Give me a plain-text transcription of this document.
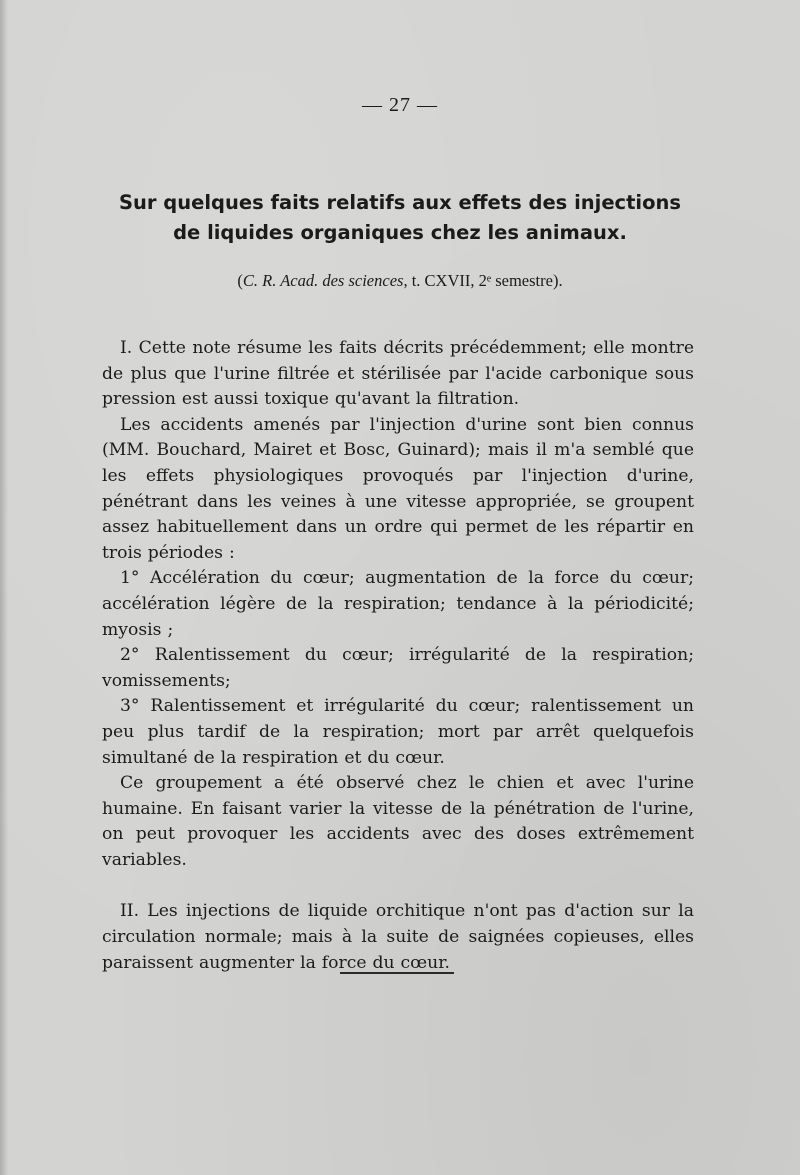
— 27 —
Sur quelques faits relatifs aux effets des injections
de liquides organiques chez les animaux.
(C. R. Acad. des sciences, t. CXVII, 2ᵉ semestre).

I. Cette note résume les faits décrits précédemment; elle montre de plus que l'urine filtrée et stérilisée par l'acide carbonique sous pression est aussi toxique qu'avant la filtration.

Les accidents amenés par l'injection d'urine sont bien connus (MM. Bouchard, Mairet et Bosc, Guinard); mais il m'a semblé que les effets physiologiques provoqués par l'injection d'urine, pénétrant dans les veines à une vitesse appropriée, se groupent assez habituellement dans un ordre qui permet de les répartir en trois périodes :

1° Accélération du cœur; augmentation de la force du cœur; accélération légère de la respiration; tendance à la périodicité; myosis ;

2° Ralentissement du cœur; irrégularité de la respiration; vomissements;

3° Ralentissement et irrégularité du cœur; ralentissement un peu plus tardif de la respiration; mort par arrêt quelquefois simultané de la respiration et du cœur.

Ce groupement a été observé chez le chien et avec l'urine humaine. En faisant varier la vitesse de la pénétration de l'urine, on peut provoquer les accidents avec des doses extrêmement variables.

II. Les injections de liquide orchitique n'ont pas d'action sur la circulation normale; mais à la suite de saignées copieuses, elles paraissent augmenter la force du cœur.
